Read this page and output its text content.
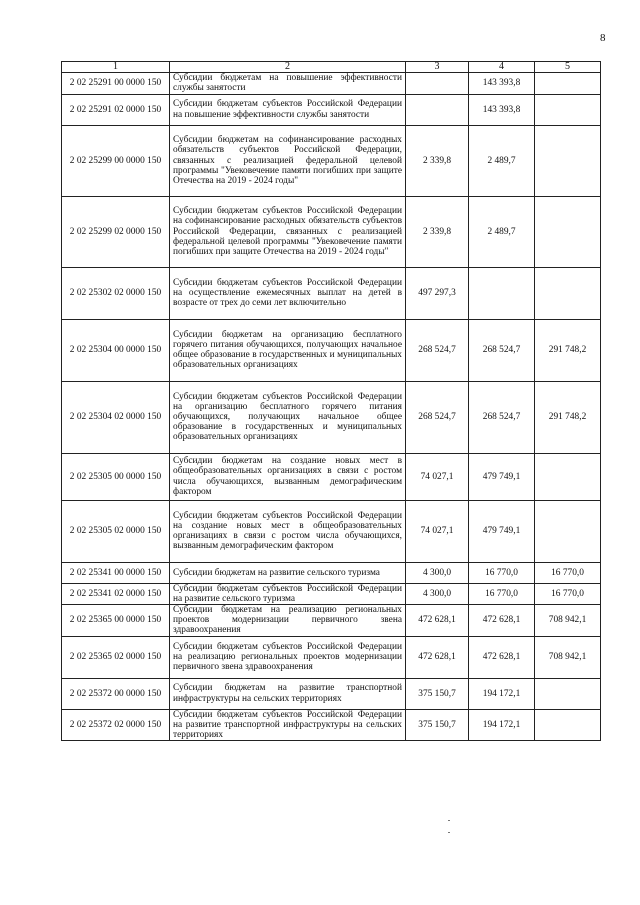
8
1	2	3	4	5
2 02 25291 00 0000 150	Субсидии бюджетам на повышение эффективности службы занятости		143 393,8	
2 02 25291 02 0000 150	Субсидии бюджетам субъектов Российской Федерации на повышение эффективности службы занятости		143 393,8	
2 02 25299 00 0000 150	Субсидии бюджетам на софинансирование расходных обязательств субъектов Российской Федерации, связанных с реализацией федеральной целевой программы "Увековечение памяти погибших при защите Отечества на 2019 - 2024 годы"	2 339,8	2 489,7	
2 02 25299 02 0000 150	Субсидии бюджетам субъектов Российской Федерации на софинансирование расходных обязательств субъектов Российской Федерации, связанных с реализацией федеральной целевой программы "Увековечение памяти погибших при защите Отечества на 2019 - 2024 годы"	2 339,8	2 489,7	
2 02 25302 02 0000 150	Субсидии бюджетам субъектов Российской Федерации на осуществление ежемесячных выплат на детей в возрасте от трех до семи лет включительно	497 297,3		
2 02 25304 00 0000 150	Субсидии бюджетам на организацию бесплатного горячего питания обучающихся, получающих начальное общее образование в государственных и муниципальных образовательных организациях	268 524,7	268 524,7	291 748,2
2 02 25304 02 0000 150	Субсидии бюджетам субъектов Российской Федерации на организацию бесплатного горячего питания обучающихся, получающих начальное общее образование в государственных и муниципальных образовательных организациях	268 524,7	268 524,7	291 748,2
2 02 25305 00 0000 150	Субсидии бюджетам на создание новых мест в общеобразовательных организациях в связи с ростом числа обучающихся, вызванным демографическим фактором	74 027,1	479 749,1	
2 02 25305 02 0000 150	Субсидии бюджетам субъектов Российской Федерации на создание новых мест в общеобразовательных организациях в связи с ростом числа обучающихся, вызванным демографическим фактором	74 027,1	479 749,1	
2 02 25341 00 0000 150	Субсидии бюджетам на развитие сельского туризма	4 300,0	16 770,0	16 770,0
2 02 25341 02 0000 150	Субсидии бюджетам субъектов Российской Федерации на развитие сельского туризма	4 300,0	16 770,0	16 770,0
2 02 25365 00 0000 150	Субсидии бюджетам на реализацию региональных проектов модернизации первичного звена здравоохранения	472 628,1	472 628,1	708 942,1
2 02 25365 02 0000 150	Субсидии бюджетам субъектов Российской Федерации на реализацию региональных проектов модернизации первичного звена здравоохранения	472 628,1	472 628,1	708 942,1
2 02 25372 00 0000 150	Субсидии бюджетам на развитие транспортной инфраструктуры на сельских территориях	375 150,7	194 172,1	
2 02 25372 02 0000 150	Субсидии бюджетам субъектов Российской Федерации на развитие транспортной инфраструктуры на сельских территориях	375 150,7	194 172,1	
